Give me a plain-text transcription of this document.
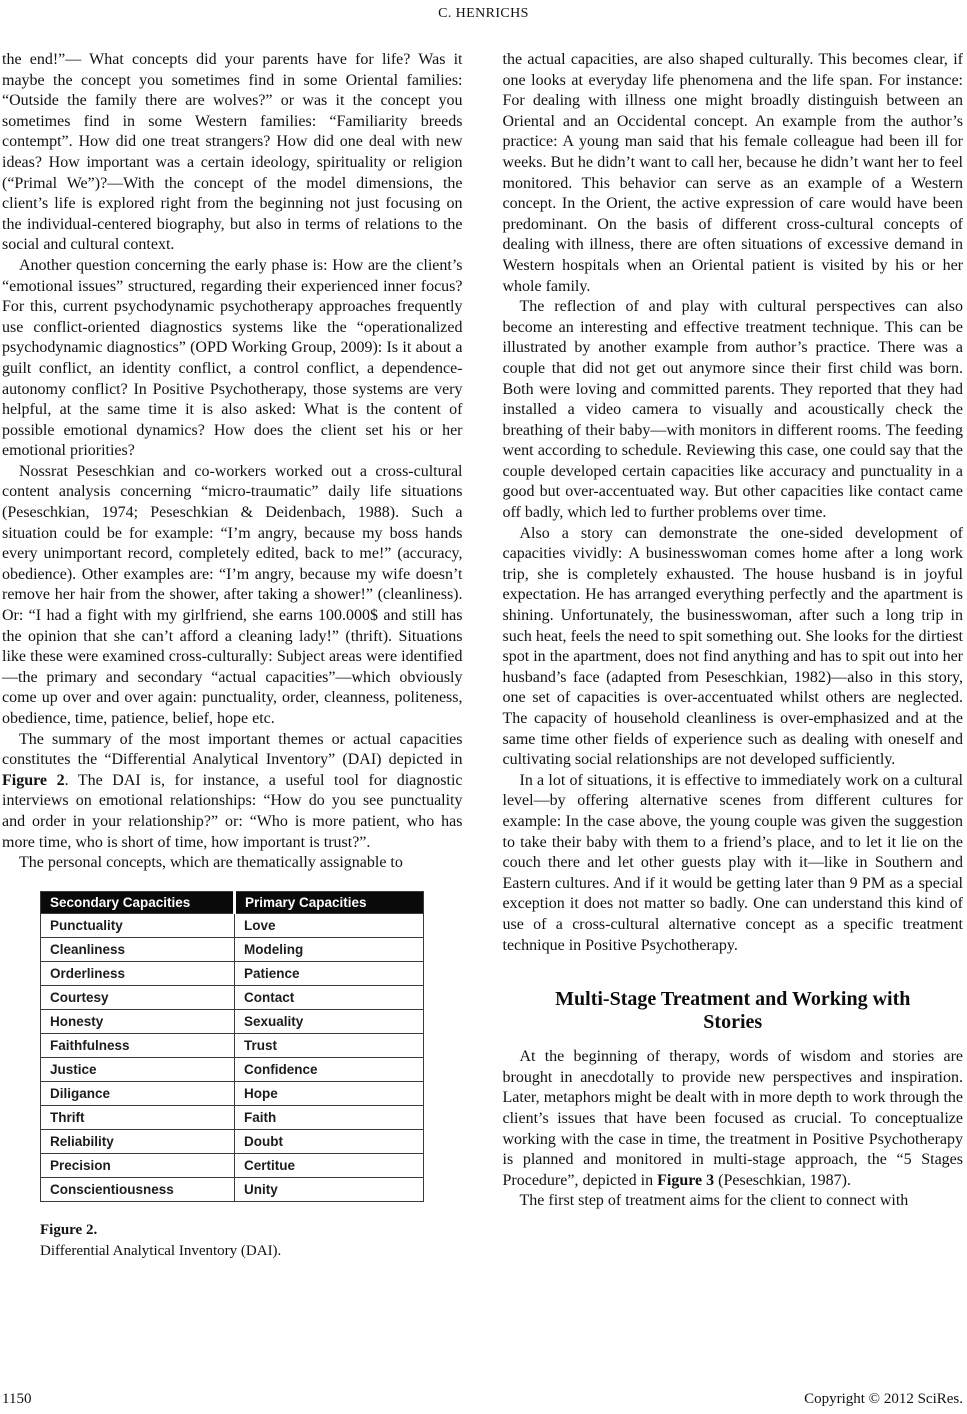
C. HENRICHS

the end!”— What concepts did your parents have for life? Was it maybe the concept you sometimes find in some Oriental families: “Outside the family there are wolves?” or was it the concept you sometimes find in some Western families: “Familiarity breeds contempt”. How did one treat strangers? How did one deal with new ideas? How important was a certain ideology, spirituality or religion (“Primal We”)?—With the concept of the model dimensions, the client’s life is explored right from the beginning not just focusing on the individual-centered biography, but also in terms of relations to the social and cultural context.

Another question concerning the early phase is: How are the client’s “emotional issues” structured, regarding their experienced inner focus? For this, current psychodynamic psychotherapy approaches frequently use conflict-oriented diagnostics systems like the “operationalized psychodynamic diagnostics” (OPD Working Group, 2009): Is it about a guilt conflict, an identity conflict, a control conflict, a dependence-autonomy conflict? In Positive Psychotherapy, those systems are very helpful, at the same time it is also asked: What is the content of possible emotional dynamics? How does the client set his or her emotional priorities?

Nossrat Peseschkian and co-workers worked out a cross-cultural content analysis concerning “micro-traumatic” daily life situations (Peseschkian, 1974; Peseschkian & Deidenbach, 1988). Such a situation could be for example: “I’m angry, because my boss hands every unimportant record, completely edited, back to me!” (accuracy, obedience). Other examples are: “I’m angry, because my wife doesn’t remove her hair from the shower, after taking a shower!” (cleanliness). Or: “I had a fight with my girlfriend, she earns 100.000$ and still has the opinion that she can’t afford a cleaning lady!” (thrift). Situations like these were examined cross-culturally: Subject areas were identified—the primary and secondary “actual capacities”—which obviously come up over and over again: punctuality, order, cleanness, politeness, obedience, time, patience, belief, hope etc.

The summary of the most important themes or actual capacities constitutes the “Differential Analytical Inventory” (DAI) depicted in Figure 2. The DAI is, for instance, a useful tool for diagnostic interviews on emotional relationships: “How do you see punctuality and order in your relationship?” or: “Who is more patient, who has more time, who is short of time, how important is trust?”.

The personal concepts, which are thematically assignable to

Secondary Capacities	Primary Capacities
Punctuality	Love
Cleanliness	Modeling
Orderliness	Patience
Courtesy	Contact
Honesty	Sexuality
Faithfulness	Trust
Justice	Confidence
Diligance	Hope
Thrift	Faith
Reliability	Doubt
Precision	Certitue
Conscientiousness	Unity
Figure 2.
Differential Analytical Inventory (DAI).

the actual capacities, are also shaped culturally. This becomes clear, if one looks at everyday life phenomena and the life span. For instance: For dealing with illness one might broadly distinguish between an Oriental and an Occidental concept. An example from the author’s practice: A young man said that his female colleague had been ill for weeks. But he didn’t want to call her, because he didn’t want her to feel monitored. This behavior can serve as an example of a Western concept. In the Orient, the active expression of care would have been predominant. On the basis of different cross-cultural concepts of dealing with illness, there are often situations of excessive demand in Western hospitals when an Oriental patient is visited by his or her whole family.

The reflection of and play with cultural perspectives can also become an interesting and effective treatment technique. This can be illustrated by another example from author’s practice. There was a couple that did not get out anymore since their first child was born. Both were loving and committed parents. They reported that they had installed a video camera to visually and acoustically check the breathing of their baby—with monitors in different rooms. The feeding went according to schedule. Reviewing this case, one could say that the couple developed certain capacities like accuracy and punctuality in a good but over-accentuated way. But other capacities like contact came off badly, which led to further problems over time.

Also a story can demonstrate the one-sided development of capacities vividly: A businesswoman comes home after a long work trip, she is completely exhausted. The house husband is in joyful expectation. He has arranged everything perfectly and the apartment is shining. Unfortunately, the businesswoman, after such a long trip in such heat, feels the need to spit something out. She looks for the dirtiest spot in the apartment, does not find anything and has to spit out into her husband’s face (adapted from Peseschkian, 1982)—also in this story, one set of capacities is over-accentuated whilst others are neglected. The capacity of household cleanliness is over-emphasized and at the same time other fields of experience such as dealing with oneself and cultivating social relationships are not developed sufficiently.

In a lot of situations, it is effective to immediately work on a cultural level—by offering alternative scenes from different cultures for example: In the case above, the young couple was given the suggestion to take their baby with them to a friend’s place, and to let it lie on the couch there and let other guests play with it—like in Southern and Eastern cultures. And if it would be getting later than 9 PM as a special exception it does not matter so badly. One can understand this kind of use of a cross-cultural alternative concept as a specific treatment technique in Positive Psychotherapy.

Multi-Stage Treatment and Working with Stories

At the beginning of therapy, words of wisdom and stories are brought in anecdotally to provide new perspectives and inspiration. Later, metaphors might be dealt with in more depth to work through the client’s issues that have been focused as crucial. To conceptualize working with the case in time, the treatment in Positive Psychotherapy is planned and monitored in multi-stage approach, the “5 Stages Procedure”, depicted in Figure 3 (Peseschkian, 1987).

The first step of treatment aims for the client to connect with

1150	Copyright © 2012 SciRes.
